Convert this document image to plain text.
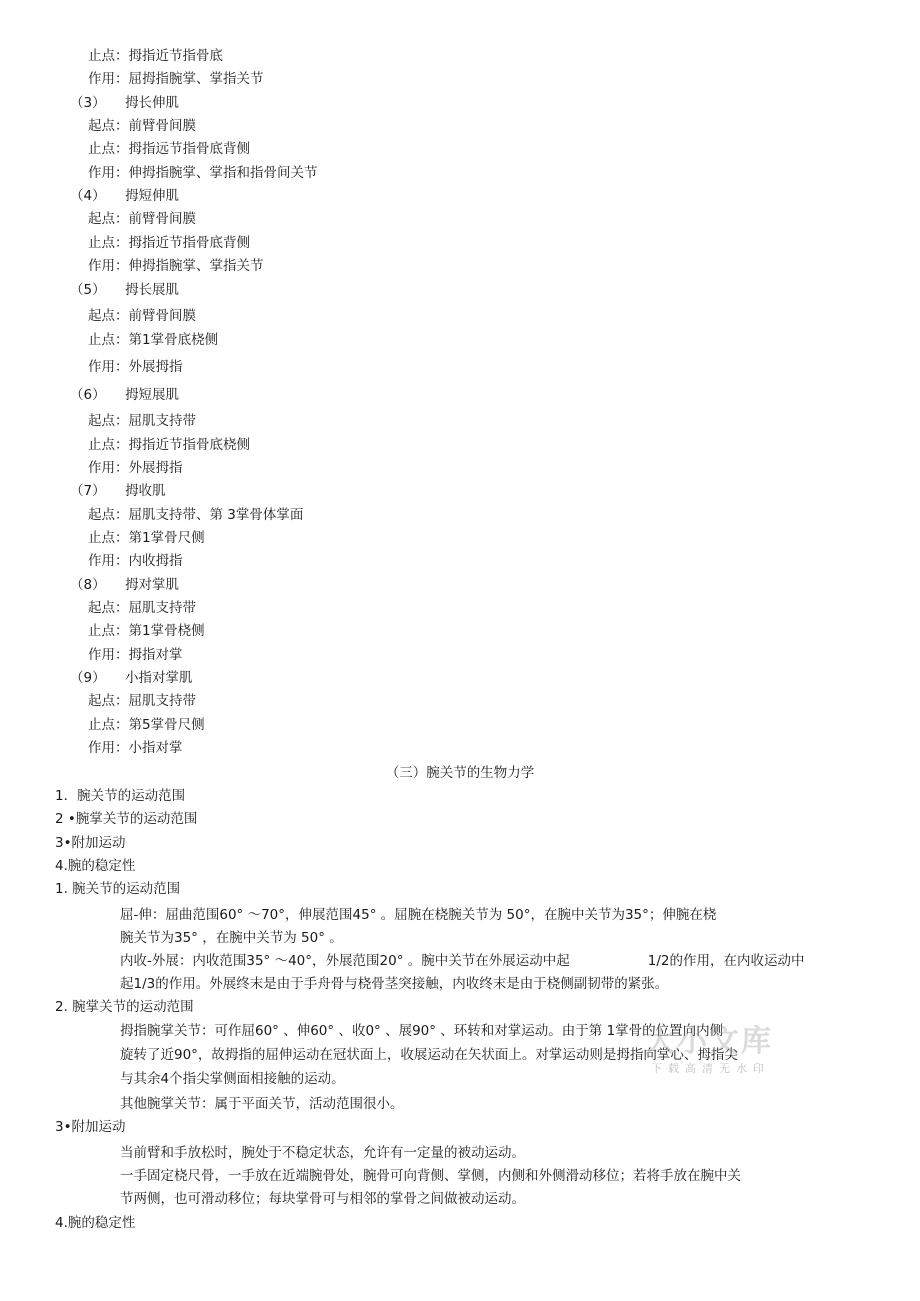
止点：拇指近节指骨底
作用：屈拇指腕掌、掌指关节
（3） 拇长伸肌
起点：前臂骨间膜
止点：拇指远节指骨底背侧
作用：伸拇指腕掌、掌指和指骨间关节
（4） 拇短伸肌
起点：前臂骨间膜
止点：拇指近节指骨底背侧
作用：伸拇指腕掌、掌指关节
（5） 拇长展肌
起点：前臂骨间膜
止点：第1掌骨底桡侧
作用：外展拇指
（6） 拇短展肌
起点：屈肌支持带
止点：拇指近节指骨底桡侧
作用：外展拇指
（7） 拇收肌
起点：屈肌支持带、第 3掌骨体掌面
止点：第1掌骨尺侧
作用：内收拇指
（8） 拇对掌肌
起点：屈肌支持带
止点：第1掌骨桡侧
作用：拇指对掌
（9） 小指对掌肌
起点：屈肌支持带
止点：第5掌骨尺侧
作用：小指对掌
（三）腕关节的生物力学
1．腕关节的运动范围
2 •腕掌关节的运动范围
3•附加运动
4.腕的稳定性
1. 腕关节的运动范围
屈-伸：屈曲范围60° ～70°，伸展范围45° 。屈腕在桡腕关节为 50°，在腕中关节为35°；伸腕在桡
腕关节为35° ，在腕中关节为 50° 。
内收-外展：内收范围35° ～40°，外展范围20° 。腕中关节在外展运动中起	1/2的作用，在内收运动中
起1/3的作用。外展终末是由于手舟骨与桡骨茎突接触，内收终末是由于桡侧副韧带的紧张。
2. 腕掌关节的运动范围
拇指腕掌关节：可作屈60° 、伸60° 、收0° 、展90° 、环转和对掌运动。由于第 1掌骨的位置向内侧
旋转了近90°，故拇指的屈伸运动在冠状面上，收展运动在矢状面上。对掌运动则是拇指向掌心、拇指尖
与其余4个指尖掌侧面相接触的运动。
其他腕掌关节：属于平面关节，活动范围很小。
3•附加运动
当前臂和手放松时，腕处于不稳定状态，允许有一定量的被动运动。
一手固定桡尺骨，一手放在近端腕骨处，腕骨可向背侧、掌侧，内侧和外侧滑动移位；若将手放在腕中关
节两侧，也可滑动移位；每块掌骨可与相邻的掌骨之间做被动运动。
4.腕的稳定性
大小文库
下载高清无水印
